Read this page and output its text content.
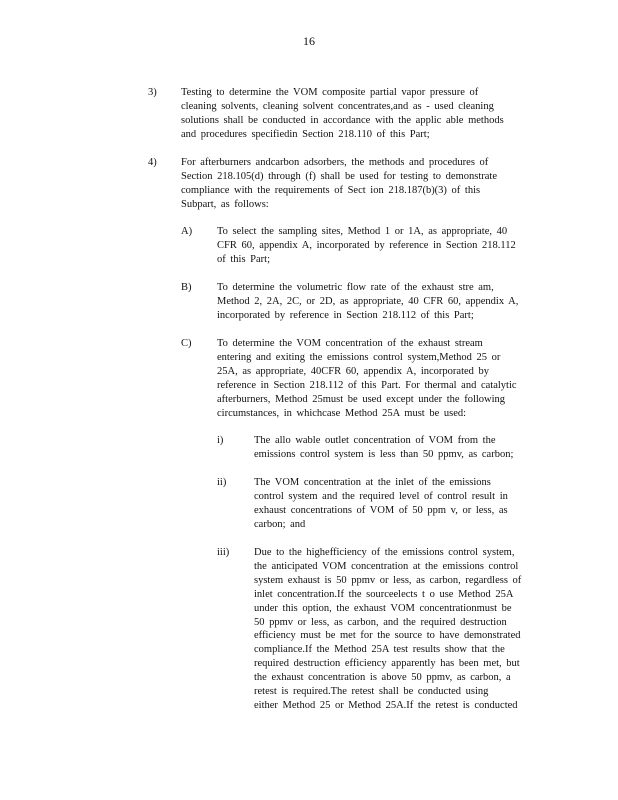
16
3) Testing to determine the VOM composite partial vapor pressure of
cleaning solvents, cleaning solvent concentrates,and as - used cleaning
solutions shall be conducted in accordance with the applic able methods
and procedures specifiedin Section 218.110 of this Part;
4) For afterburners andcarbon adsorbers, the methods and procedures of
Section 218.105(d) through (f) shall be used for testing to demonstrate
compliance with the requirements of Sect ion 218.187(b)(3) of this
Subpart, as follows:
A) To select the sampling sites, Method 1 or 1A, as appropriate, 40
CFR 60, appendix A, incorporated by reference in Section 218.112
of this Part;
B) To determine the volumetric flow rate of the exhaust stre am,
Method 2, 2A, 2C, or 2D, as appropriate, 40 CFR 60, appendix A,
incorporated by reference in Section 218.112 of this Part;
C) To determine the VOM concentration of the exhaust stream
entering and exiting the emissions control system,Method 25 or
25A, as appropriate, 40CFR 60, appendix A, incorporated by
reference in Section 218.112 of this Part. For thermal and catalytic
afterburners, Method 25must be used except under the following
circumstances, in whichcase Method 25A must be used:
i)	The allo wable outlet concentration of VOM from the
emissions control system is less than 50 ppmv, as carbon;
ii)	The VOM concentration at the inlet of the emissions
control system and the required level of control result in
exhaust concentrations of VOM of 50 ppm v, or less, as
carbon; and
iii) Due to the highefficiency of the emissions control system,
the anticipated VOM concentration at the emissions control
system exhaust is 50 ppmv or less, as carbon, regardless of
inlet concentration.If the sourceelects t o use Method 25A
under this option, the exhaust VOM concentrationmust be
50 ppmv or less, as carbon, and the required destruction
efficiency must be met for the source to have demonstrated
compliance.If the Method 25A test results show that the
required destruction efficiency apparently has been met, but
the exhaust concentration is above 50 ppmv, as carbon, a
retest is required.The retest shall be conducted using
either Method 25 or Method 25A.If the retest is conducted
